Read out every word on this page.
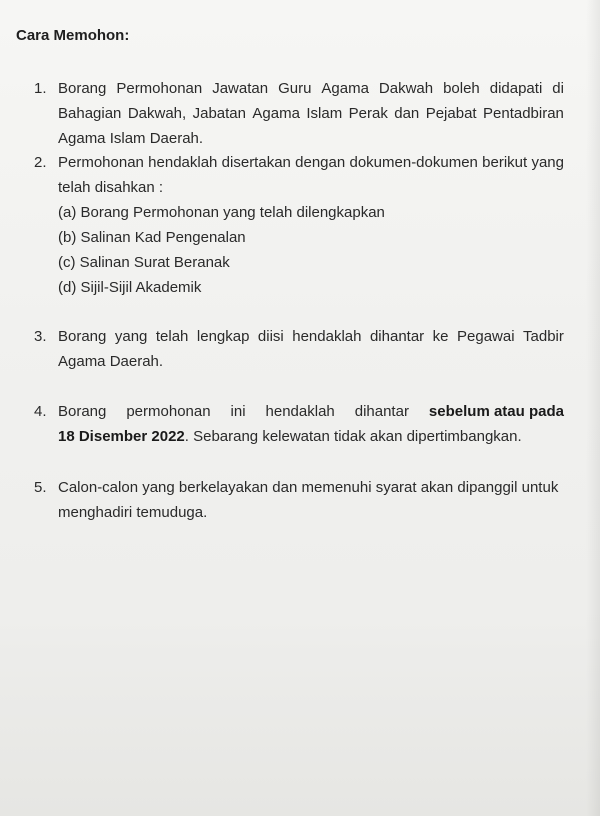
Cara Memohon:
1. Borang Permohonan Jawatan Guru Agama Dakwah boleh didapati di
Bahagian Dakwah, Jabatan Agama Islam Perak dan Pejabat Pentadbiran
Agama Islam Daerah.
2. Permohonan hendaklah disertakan dengan dokumen-dokumen berikut yang
telah disahkan :
(a) Borang Permohonan yang telah dilengkapkan
(b) Salinan Kad Pengenalan
(c) Salinan Surat Beranak
(d) Sijil-Sijil Akademik
3. Borang yang telah lengkap diisi hendaklah dihantar ke Pegawai Tadbir
Agama Daerah.
4. Borang permohonan ini hendaklah dihantar sebelum atau pada
18 Disember 2022. Sebarang kelewatan tidak akan dipertimbangkan.
5. Calon-calon yang berkelayakan dan memenuhi syarat akan dipanggil untuk
menghadiri temuduga.
